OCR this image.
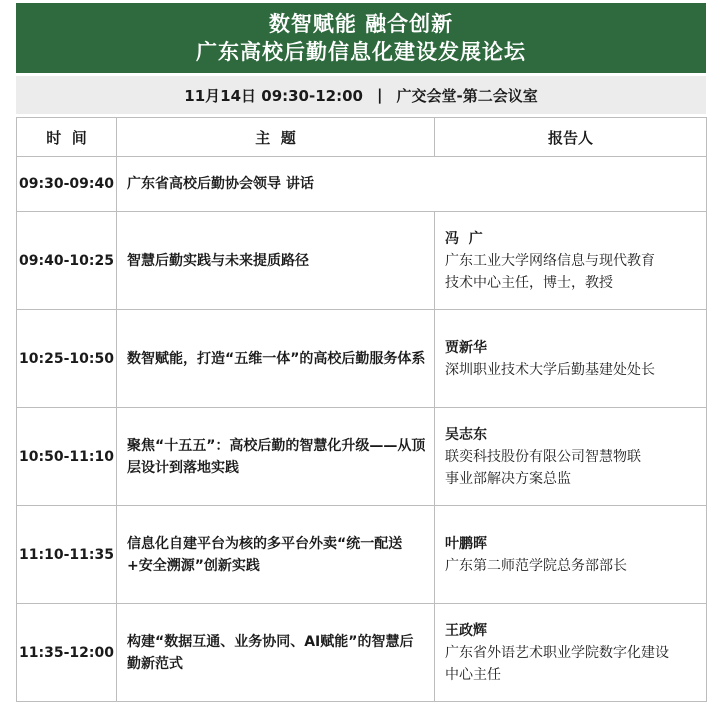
数智赋能 融合创新
广东高校后勤信息化建设发展论坛
11月14日 09:30-12:00 | 广交会堂-第二会议室
时  间	主  题	报告人
09:30-09:40	广东省高校后勤协会领导 讲话	

09:40-10:25	智慧后勤实践与未来提质路径	冯  广
广东工业大学网络信息与现代教育
技术中心主任，博士，教授

10:25-10:50	数智赋能，打造“五维一体”的高校后勤服务体系	贾新华
深圳职业技术大学后勤基建处处长

10:50-11:10	聚焦“十五五”：高校后勤的智慧化升级——从顶层设计到落地实践	吴志东
联奕科技股份有限公司智慧物联
事业部解决方案总监

11:10-11:35	信息化自建平台为核的多平台外卖“统一配送+安全溯源”创新实践	叶鹏晖
广东第二师范学院总务部部长

11:35-12:00	构建“数据互通、业务协同、AI赋能”的智慧后勤新范式	王政辉
广东省外语艺术职业学院数字化建设
中心主任
